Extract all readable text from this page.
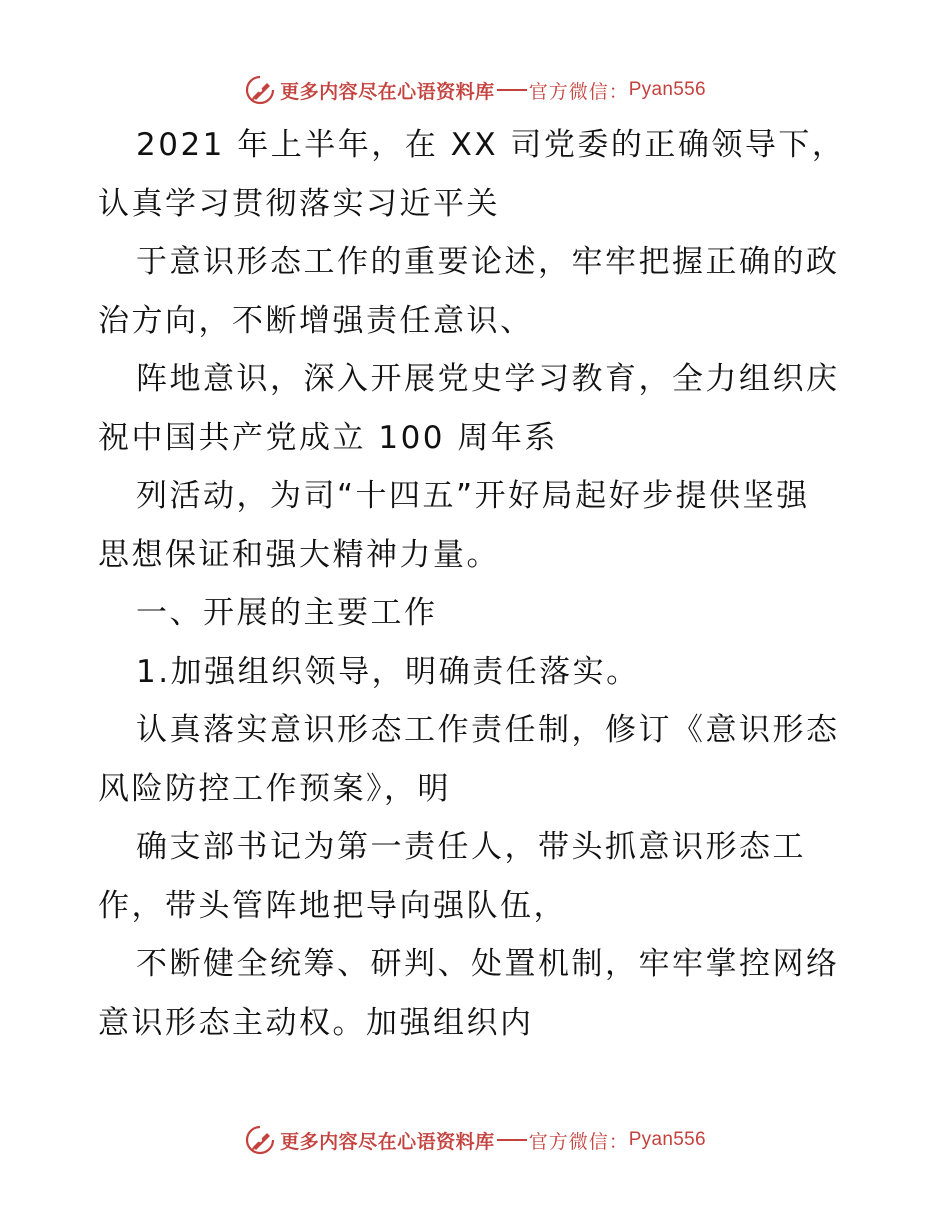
更多内容尽在心语资料库 官方微信： Pyan556
2021 年上半年，在 XX 司党委的正确领导下，
认真学习贯彻落实习近平关
于意识形态工作的重要论述，牢牢把握正确的政
治方向，不断增强责任意识、
阵地意识，深入开展党史学习教育，全力组织庆
祝中国共产党成立 100 周年系
列活动，为司“十四五”开好局起好步提供坚强
思想保证和强大精神力量。
一、开展的主要工作
1.加强组织领导，明确责任落实。
认真落实意识形态工作责任制，修订《意识形态
风险防控工作预案》，明
确支部书记为第一责任人，带头抓意识形态工
作，带头管阵地把导向强队伍，
不断健全统筹、研判、处置机制，牢牢掌控网络
意识形态主动权。加强组织内
更多内容尽在心语资料库 官方微信： Pyan556
